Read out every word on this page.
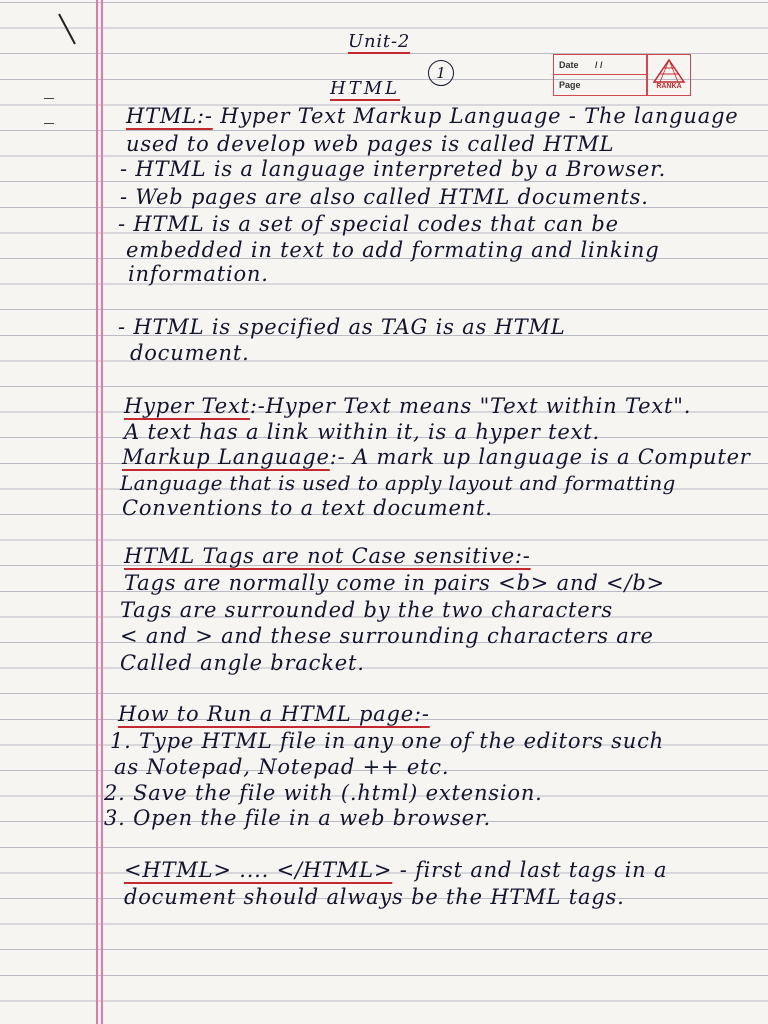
Unit-2
1
HTML
Date / /
Page	RANKA
HTML:- Hyper Text Markup Language - The language
used to develop web pages is called HTML
- HTML is a language interpreted by a Browser.
- Web pages are also called HTML documents.
- HTML is a set of special codes that can be
embedded in text to add formating and linking
information.
- HTML is specified as TAG is as HTML
document.
Hyper Text:-Hyper Text means "Text within Text".
A text has a link within it, is a hyper text.
Markup Language:- A mark up language is a Computer
Language that is used to apply layout and formatting
Conventions to a text document.
HTML Tags are not Case sensitive:-
Tags are normally come in pairs <b> and </b>
Tags are surrounded by the two characters
< and > and these surrounding characters are
Called angle bracket.
How to Run a HTML page:-
1. Type HTML file in any one of the editors such
as Notepad, Notepad ++ etc.
2. Save the file with (.html) extension.
3. Open the file in a web browser.
<HTML> .... </HTML> - first and last tags in a
document should always be the HTML tags.
